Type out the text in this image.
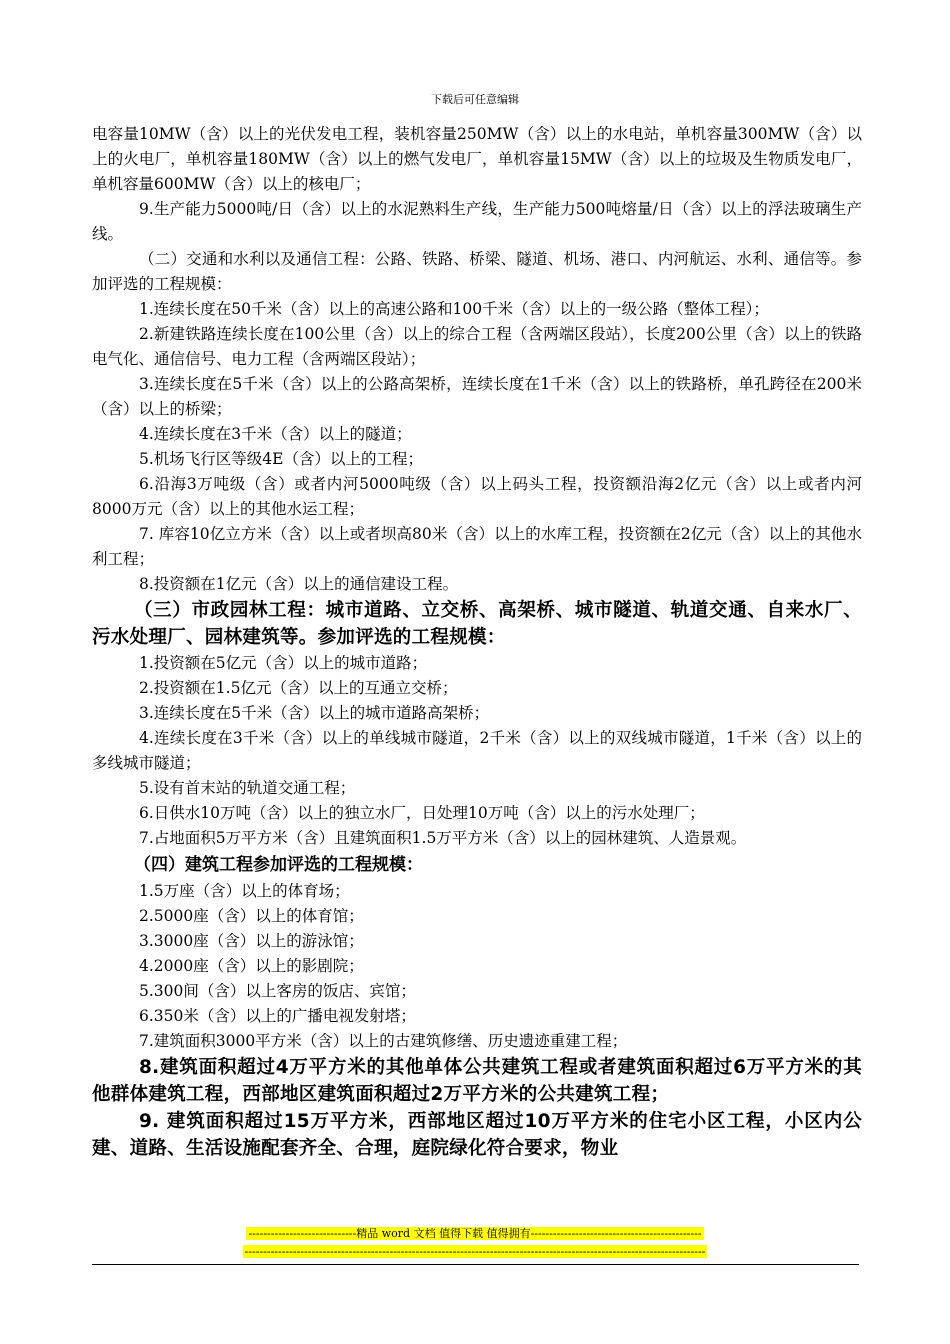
下载后可任意编辑

电容量10MW（含）以上的光伏发电工程，装机容量250MW（含）以上的水电站，单机容量300MW（含）以上的火电厂，单机容量180MW（含）以上的燃气发电厂，单机容量15MW（含）以上的垃圾及生物质发电厂，单机容量600MW（含）以上的核电厂；

9.生产能力5000吨/日（含）以上的水泥熟料生产线，生产能力500吨熔量/日（含）以上的浮法玻璃生产线。

（二）交通和水利以及通信工程：公路、铁路、桥梁、隧道、机场、港口、内河航运、水利、通信等。参加评选的工程规模：

1.连续长度在50千米（含）以上的高速公路和100千米（含）以上的一级公路（整体工程）；

2.新建铁路连续长度在100公里（含）以上的综合工程（含两端区段站），长度200公里（含）以上的铁路电气化、通信信号、电力工程（含两端区段站）；

3.连续长度在5千米（含）以上的公路高架桥，连续长度在1千米（含）以上的铁路桥，单孔跨径在200米（含）以上的桥梁；

4.连续长度在3千米（含）以上的隧道；

5.机场飞行区等级4E（含）以上的工程；

6.沿海3万吨级（含）或者内河5000吨级（含）以上码头工程，投资额沿海2亿元（含）以上或者内河8000万元（含）以上的其他水运工程；

7. 库容10亿立方米（含）以上或者坝高80米（含）以上的水库工程，投资额在2亿元（含）以上的其他水利工程；

8.投资额在1亿元（含）以上的通信建设工程。

（三）市政园林工程：城市道路、立交桥、高架桥、城市隧道、轨道交通、自来水厂、污水处理厂、园林建筑等。参加评选的工程规模：

1.投资额在5亿元（含）以上的城市道路；

2.投资额在1.5亿元（含）以上的互通立交桥；

3.连续长度在5千米（含）以上的城市道路高架桥；

4.连续长度在3千米（含）以上的单线城市隧道，2千米（含）以上的双线城市隧道，1千米（含）以上的多线城市隧道；

5.设有首末站的轨道交通工程；

6.日供水10万吨（含）以上的独立水厂，日处理10万吨（含）以上的污水处理厂；

7.占地面积5万平方米（含）且建筑面积1.5万平方米（含）以上的园林建筑、人造景观。

（四）建筑工程参加评选的工程规模：

1.5万座（含）以上的体育场；

2.5000座（含）以上的体育馆；

3.3000座（含）以上的游泳馆；

4.2000座（含）以上的影剧院；

5.300间（含）以上客房的饭店、宾馆；

6.350米（含）以上的广播电视发射塔；

7.建筑面积3000平方米（含）以上的古建筑修缮、历史遗迹重建工程；

8.建筑面积超过4万平方米的其他单体公共建筑工程或者建筑面积超过6万平方米的其他群体建筑工程，西部地区建筑面积超过2万平方米的公共建筑工程；

9. 建筑面积超过15万平方米，西部地区超过10万平方米的住宅小区工程，小区内公建、道路、生活设施配套齐全、合理，庭院绿化符合要求，物业

-----------------------------精品 word 文档 值得下载 值得拥有----------------------------------------------
----------------------------------------------------------------------------------------------------------------------------
